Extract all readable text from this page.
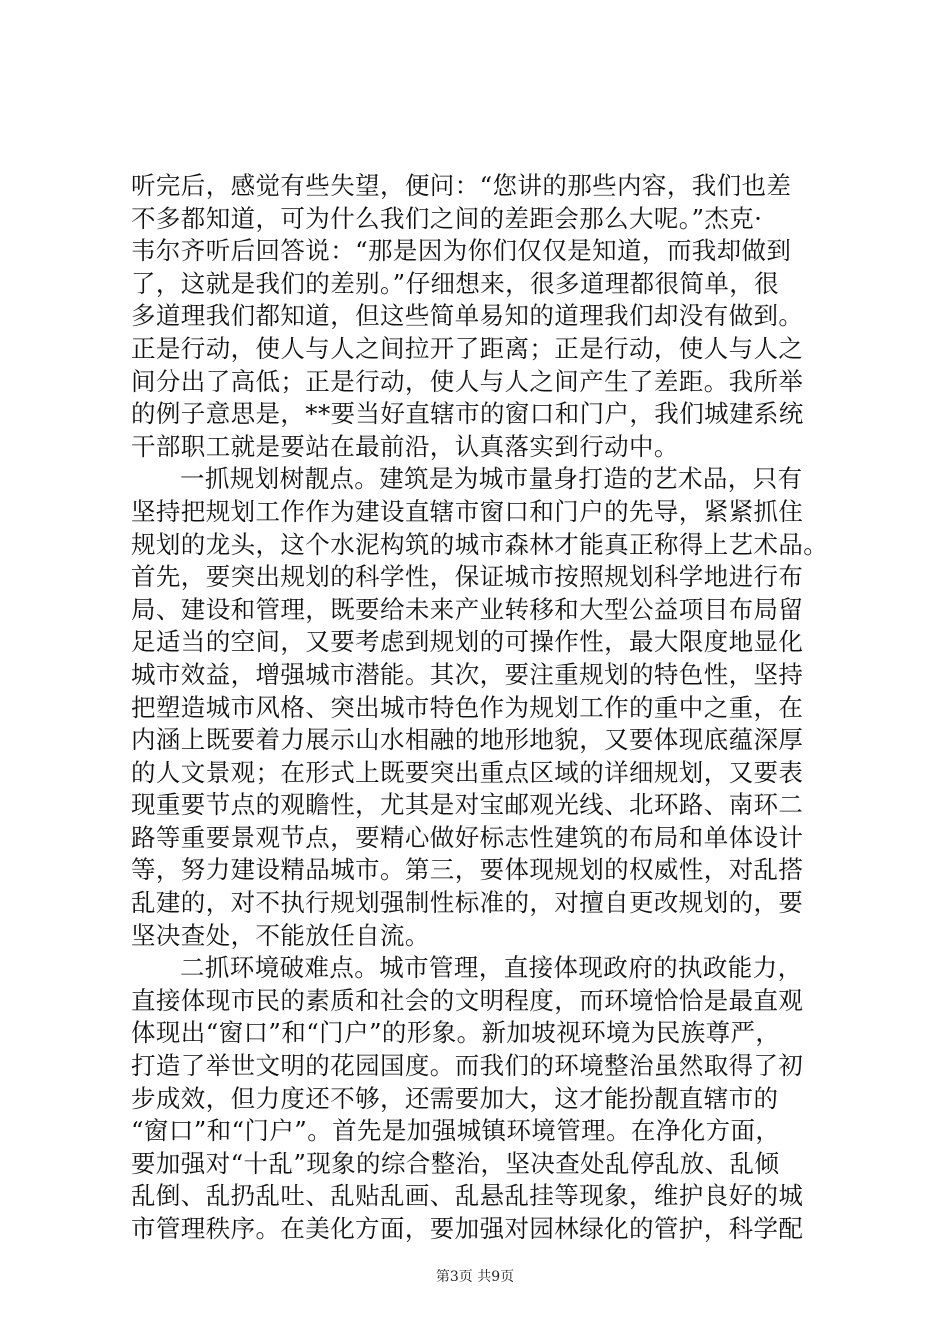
听完后，感觉有些失望，便问：“您讲的那些内容，我们也差
不多都知道，可为什么我们之间的差距会那么大呢。”杰克·
韦尔齐听后回答说：“那是因为你们仅仅是知道，而我却做到
了，这就是我们的差别。”仔细想来，很多道理都很简单，很
多道理我们都知道，但这些简单易知的道理我们却没有做到。
正是行动，使人与人之间拉开了距离；正是行动，使人与人之
间分出了高低；正是行动，使人与人之间产生了差距。我所举
的例子意思是，**要当好直辖市的窗口和门户，我们城建系统
干部职工就是要站在最前沿，认真落实到行动中。
一抓规划树靓点。建筑是为城市量身打造的艺术品，只有
坚持把规划工作作为建设直辖市窗口和门户的先导，紧紧抓住
规划的龙头，这个水泥构筑的城市森林才能真正称得上艺术品。
首先，要突出规划的科学性，保证城市按照规划科学地进行布
局、建设和管理，既要给未来产业转移和大型公益项目布局留
足适当的空间，又要考虑到规划的可操作性，最大限度地显化
城市效益，增强城市潜能。其次，要注重规划的特色性，坚持
把塑造城市风格、突出城市特色作为规划工作的重中之重，在
内涵上既要着力展示山水相融的地形地貌，又要体现底蕴深厚
的人文景观；在形式上既要突出重点区域的详细规划，又要表
现重要节点的观瞻性，尤其是对宝邮观光线、北环路、南环二
路等重要景观节点，要精心做好标志性建筑的布局和单体设计
等，努力建设精品城市。第三，要体现规划的权威性，对乱搭
乱建的，对不执行规划强制性标准的，对擅自更改规划的，要
坚决查处，不能放任自流。
二抓环境破难点。城市管理，直接体现政府的执政能力，
直接体现市民的素质和社会的文明程度，而环境恰恰是最直观
体现出“窗口”和“门户”的形象。新加坡视环境为民族尊严，
打造了举世文明的花园国度。而我们的环境整治虽然取得了初
步成效，但力度还不够，还需要加大，这才能扮靓直辖市的
“窗口”和“门户”。首先是加强城镇环境管理。在净化方面，
要加强对“十乱”现象的综合整治，坚决查处乱停乱放、乱倾
乱倒、乱扔乱吐、乱贴乱画、乱悬乱挂等现象，维护良好的城
市管理秩序。在美化方面，要加强对园林绿化的管护，科学配
第3页 共9页
